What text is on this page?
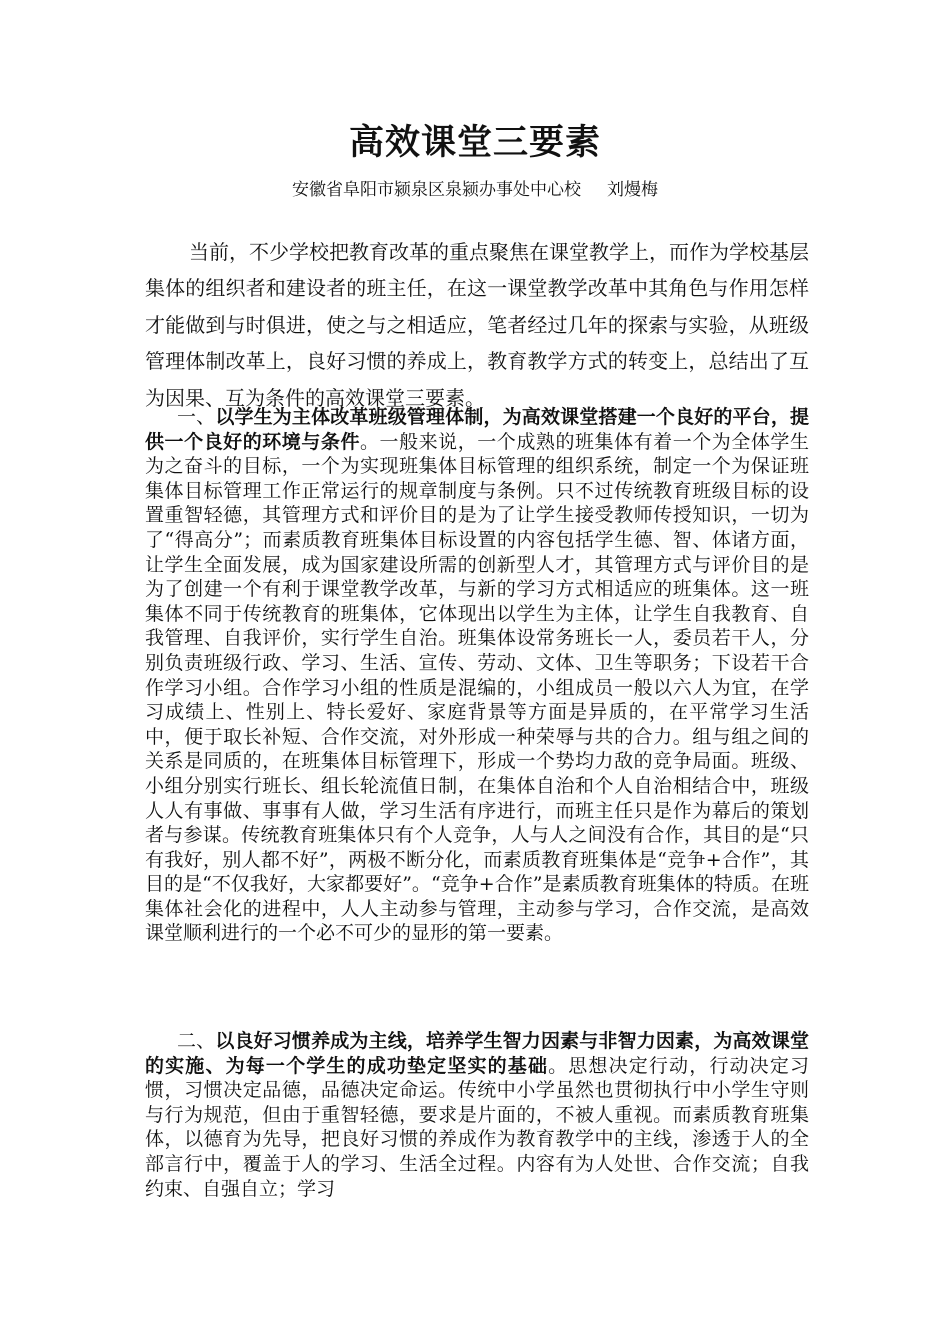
高效课堂三要素
安徽省阜阳市颍泉区泉颍办事处中心校 刘熳梅

当前，不少学校把教育改革的重点聚焦在课堂教学上，而作为学校基层集体的组织者和建设者的班主任，在这一课堂教学改革中其角色与作用怎样才能做到与时俱进，使之与之相适应，笔者经过几年的探索与实验，从班级管理体制改革上，良好习惯的养成上，教育教学方式的转变上，总结出了互为因果、互为条件的高效课堂三要素。

一、以学生为主体改革班级管理体制，为高效课堂搭建一个良好的平台，提供一个良好的环境与条件。一般来说，一个成熟的班集体有着一个为全体学生为之奋斗的目标，一个为实现班集体目标管理的组织系统，制定一个为保证班集体目标管理工作正常运行的规章制度与条例。只不过传统教育班级目标的设置重智轻德，其管理方式和评价目的是为了让学生接受教师传授知识，一切为了“得高分”；而素质教育班集体目标设置的内容包括学生德、智、体诸方面，让学生全面发展，成为国家建设所需的创新型人才，其管理方式与评价目的是为了创建一个有利于课堂教学改革，与新的学习方式相适应的班集体。这一班集体不同于传统教育的班集体，它体现出以学生为主体，让学生自我教育、自我管理、自我评价，实行学生自治。班集体设常务班长一人，委员若干人，分别负责班级行政、学习、生活、宣传、劳动、文体、卫生等职务；下设若干合作学习小组。合作学习小组的性质是混编的，小组成员一般以六人为宜，在学习成绩上、性别上、特长爱好、家庭背景等方面是异质的，在平常学习生活中，便于取长补短、合作交流，对外形成一种荣辱与共的合力。组与组之间的关系是同质的，在班集体目标管理下，形成一个势均力敌的竞争局面。班级、小组分别实行班长、组长轮流值日制，在集体自治和个人自治相结合中，班级人人有事做、事事有人做，学习生活有序进行，而班主任只是作为幕后的策划者与参谋。传统教育班集体只有个人竞争，人与人之间没有合作，其目的是“只有我好，别人都不好”，两极不断分化，而素质教育班集体是“竞争+合作”，其目的是“不仅我好，大家都要好”。“竞争+合作”是素质教育班集体的特质。在班集体社会化的进程中，人人主动参与管理，主动参与学习，合作交流，是高效课堂顺利进行的一个必不可少的显形的第一要素。

二、以良好习惯养成为主线，培养学生智力因素与非智力因素，为高效课堂的实施、为每一个学生的成功垫定坚实的基础。思想决定行动，行动决定习惯，习惯决定品德，品德决定命运。传统中小学虽然也贯彻执行中小学生守则与行为规范，但由于重智轻德，要求是片面的，不被人重视。而素质教育班集体，以德育为先导，把良好习惯的养成作为教育教学中的主线，渗透于人的全部言行中，覆盖于人的学习、生活全过程。内容有为人处世、合作交流；自我约束、自强自立；学习
